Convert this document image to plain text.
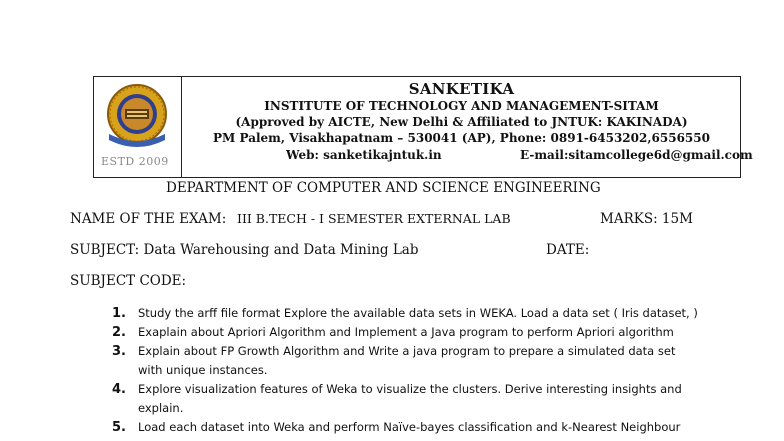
ESTD 2009
SANKETIKA
INSTITUTE OF TECHNOLOGY AND MANAGEMENT-SITAM
(Approved by AICTE, New Delhi & Affiliated to JNTUK: KAKINADA)
PM Palem, Visakhapatnam – 530041 (AP), Phone: 0891-6453202,6556550
Web: sanketikajntuk.in	E-mail:sitamcollege6d@gmail.com
DEPARTMENT OF COMPUTER AND SCIENCE ENGINEERING
NAME OF THE EXAM: III B.TECH - I SEMESTER EXTERNAL LAB	MARKS: 15M
SUBJECT: Data Warehousing and Data Mining Lab	DATE:
SUBJECT CODE:
1. Study the arff file format Explore the available data sets in WEKA. Load a data set ( Iris dataset, )
2. Exaplain about Apriori Algorithm and Implement a Java program to perform Apriori algorithm
3. Explain about FP Growth Algorithm and Write a java program to prepare a simulated data set with unique instances.
4. Explore visualization features of Weka to visualize the clusters. Derive interesting insights and explain.
5. Load each dataset into Weka and perform Naïve-bayes classification and k-Nearest Neighbour
